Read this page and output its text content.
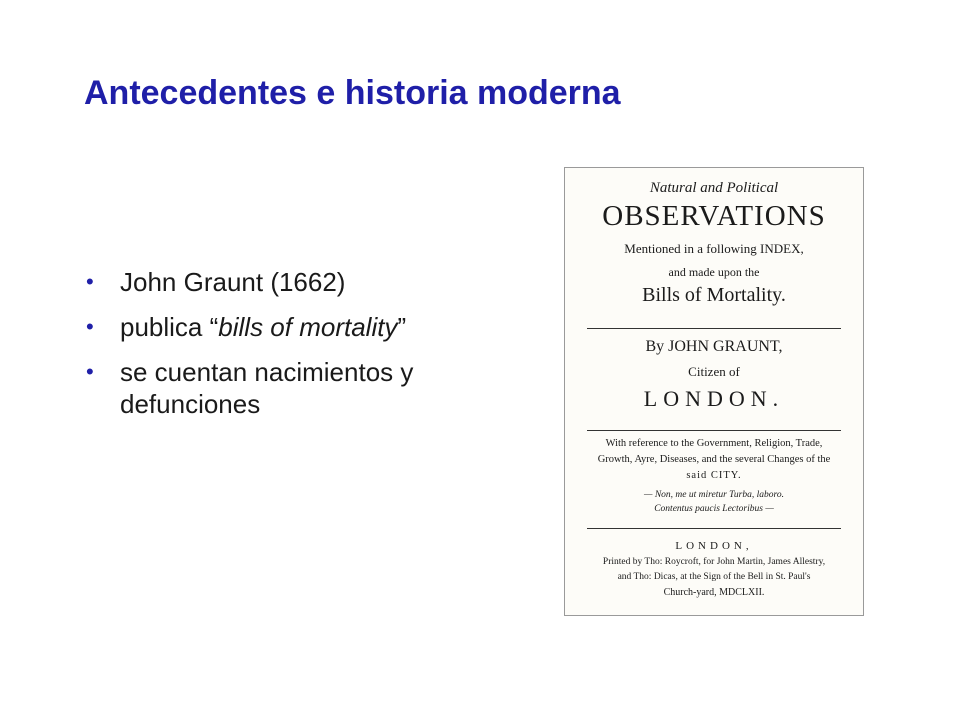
Antecedentes e historia moderna
• John Graunt (1662)
• publica “bills of mortality”
• se cuentan nacimientos y defunciones
Natural and Political
OBSERVATIONS
Mentioned in a following INDEX,
and made upon the
Bills of Mortality.
By JOHN GRAUNT,
Citizen of
LONDON.
With reference to the Government, Religion, Trade,
Growth, Ayre, Diseases, and the several Changes of the
said CITY.
— Non, me ut miretur Turba, laboro.
Contentus paucis Lectoribus —
LONDON,
Printed by Tho: Roycroft, for John Martin, James Allestry,
and Tho: Dicas, at the Sign of the Bell in St. Paul's
Church-yard, MDCLXII.
